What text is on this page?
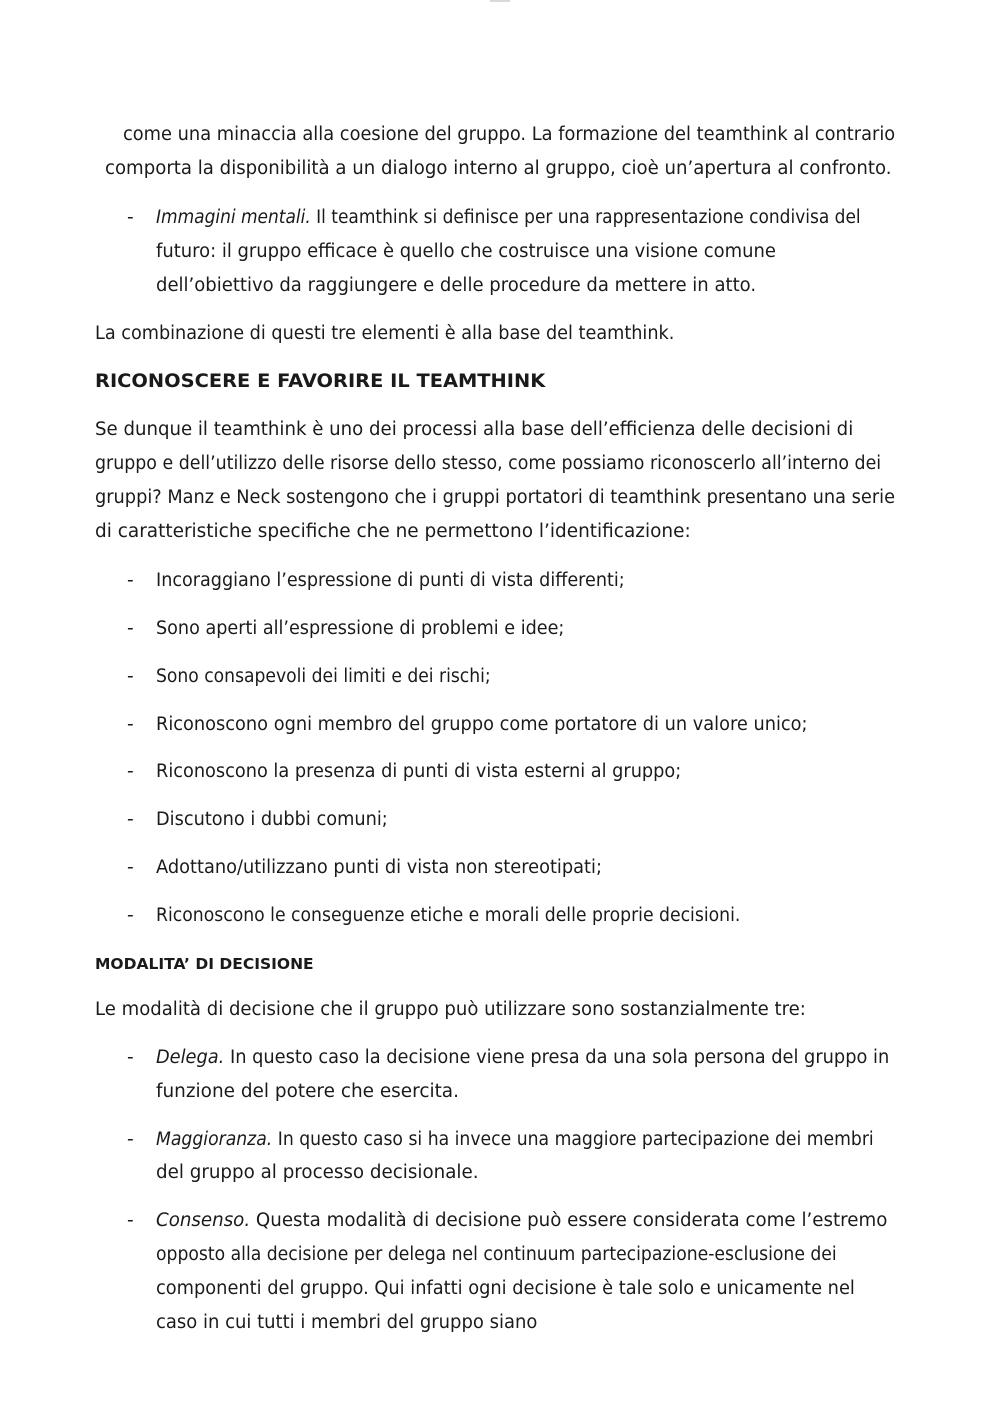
come una minaccia alla coesione del gruppo. La formazione del teamthink al contrario
comporta la disponibilità a un dialogo interno al gruppo, cioè un’apertura al confronto.
- Immagini mentali. Il teamthink si definisce per una rappresentazione condivisa del
futuro: il gruppo efficace è quello che costruisce una visione comune
dell’obiettivo da raggiungere e delle procedure da mettere in atto.
La combinazione di questi tre elementi è alla base del teamthink.
RICONOSCERE E FAVORIRE IL TEAMTHINK
Se dunque il teamthink è uno dei processi alla base dell’efficienza delle decisioni di
gruppo e dell’utilizzo delle risorse dello stesso, come possiamo riconoscerlo all’interno dei
gruppi? Manz e Neck sostengono che i gruppi portatori di teamthink presentano una serie
di caratteristiche specifiche che ne permettono l’identificazione:
- Incoraggiano l’espressione di punti di vista differenti;
- Sono aperti all’espressione di problemi e idee;
- Sono consapevoli dei limiti e dei rischi;
- Riconoscono ogni membro del gruppo come portatore di un valore unico;
- Riconoscono la presenza di punti di vista esterni al gruppo;
- Discutono i dubbi comuni;
- Adottano/utilizzano punti di vista non stereotipati;
- Riconoscono le conseguenze etiche e morali delle proprie decisioni.
MODALITA’ DI DECISIONE
Le modalità di decisione che il gruppo può utilizzare sono sostanzialmente tre:
- Delega. In questo caso la decisione viene presa da una sola persona del gruppo in
funzione del potere che esercita.
- Maggioranza. In questo caso si ha invece una maggiore partecipazione dei membri
del gruppo al processo decisionale.
- Consenso. Questa modalità di decisione può essere considerata come l’estremo
opposto alla decisione per delega nel continuum partecipazione-esclusione dei
componenti del gruppo. Qui infatti ogni decisione è tale solo e unicamente nel
caso in cui tutti i membri del gruppo siano
